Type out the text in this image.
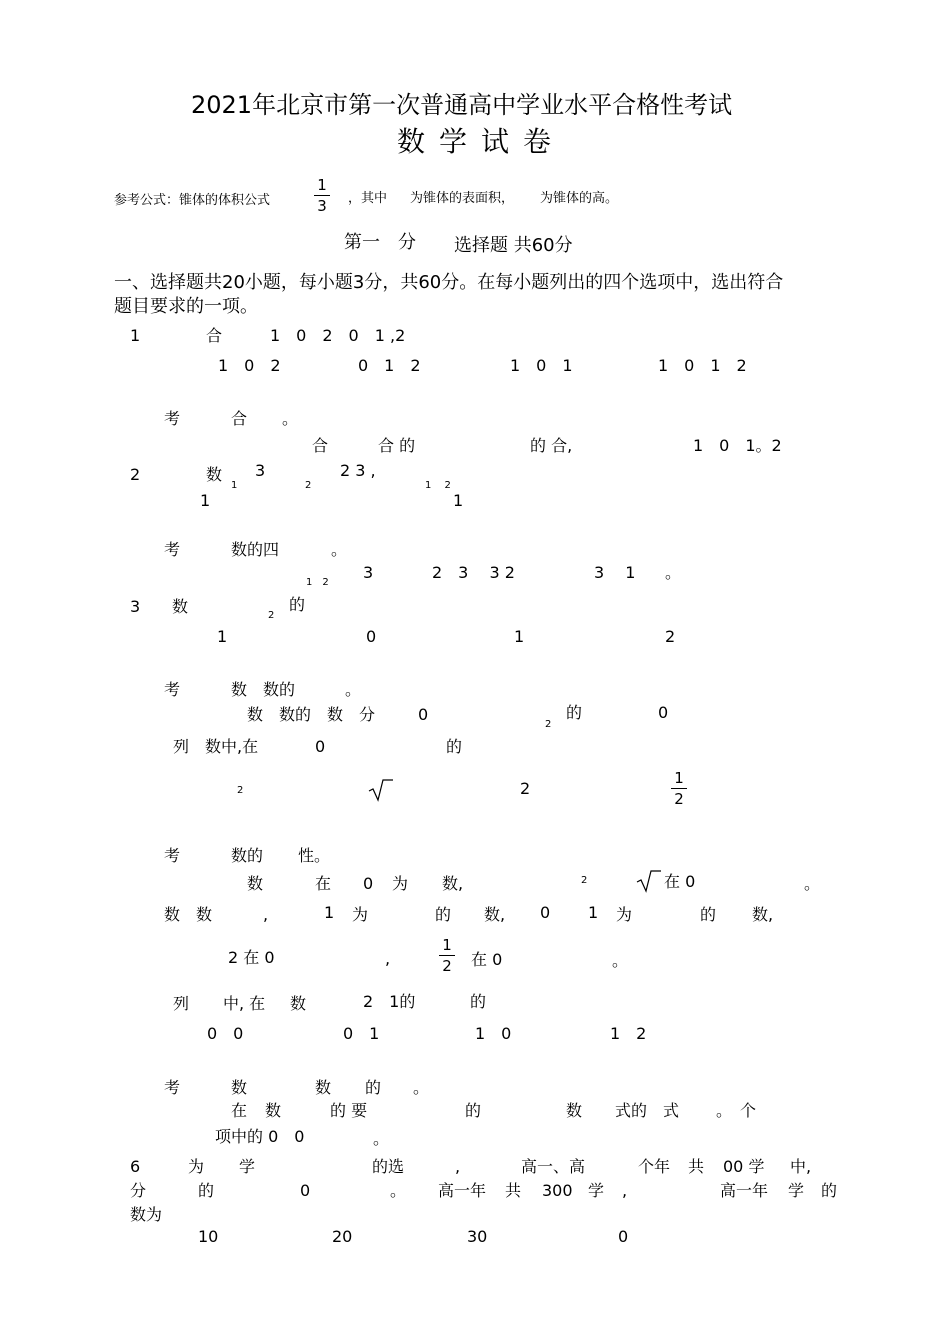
2021年北京市第一次普通高中学业水平合格性考试
数学试卷
参考公式：锥体的体积公式
1
3 ，其中 为锥体的表面积， 为锥体的高。
第一　分 选择题 共60分
一、选择题共20小题，每小题3分，共60分。在每小题列出的四个选项中，选出符合
题目要求的一项。
1	合	1　0　2　0　1 ,2
1　0　2	0　1　2	1　0　1	1　0　1　2
考	合 。
合	合 的	的 合,	1　0　1。2
2	数
1
3
2
2 3 ,
1　 2
1	1
考	数的四	。
1　2
3	2　3　 3 2	3　 1 。
3 数	2
的
1	0	1	2
考	数　数的	。
数　数的　数　分	0
2
的	0
列　数中,在	0	的
2	2
1
2
考	数的 性。
数	在 0 为 数,	2	在 0	。
数　数	,	1 为	的 数, 0 1 为	的 数,
2 在 0	,
1
2 在 0	。
列 中, 在 数	2　1的	的
0　0	0　1	1　0	1　2
考	数	数 的 。
在 数	的 要	的	数 式的　式 。　个
项中的 0　0	。
6	为 学	的选	,	高一、高	个年 共 00 学 中,
分	的	0	。 高一年 共 300 学 ,	高一年 学 的
数为
10	20	30	0
